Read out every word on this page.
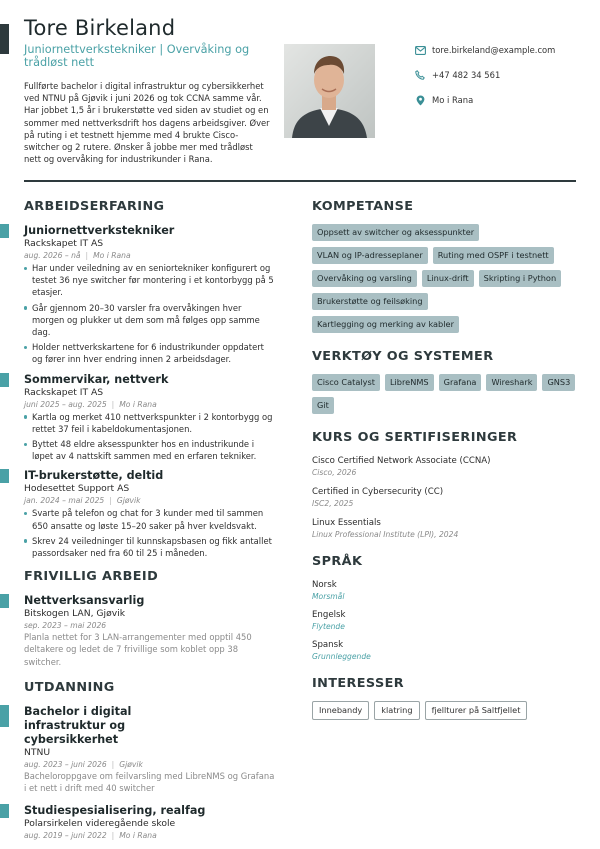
Tore Birkeland
Juniornettverkstekniker | Overvåking og trådløst nett

Fullførte bachelor i digital infrastruktur og cybersikkerhet ved NTNU på Gjøvik i juni 2026 og tok CCNA samme vår. Har jobbet 1,5 år i brukerstøtte ved siden av studiet og en sommer med nettverksdrift hos dagens arbeidsgiver. Øver på ruting i et testnett hjemme med 4 brukte Cisco-switcher og 2 rutere. Ønsker å jobbe mer med trådløst nett og overvåking for industrikunder i Rana.

tore.birkeland@example.com
+47 482 34 561
Mo i Rana
ARBEIDSERFARING
Juniornettverkstekniker
Rackskapet IT AS
aug. 2026 – nå | Mo i Rana
Har under veiledning av en seniortekniker konfigurert og testet 36 nye switcher før montering i et kontorbygg på 5 etasjer.
Går gjennom 20–30 varsler fra overvåkingen hver morgen og plukker ut dem som må følges opp samme dag.
Holder nettverkskartene for 6 industrikunder oppdatert og fører inn hver endring innen 2 arbeidsdager.
Sommervikar, nettverk
Rackskapet IT AS
juni 2025 – aug. 2025 | Mo i Rana
Kartla og merket 410 nettverkspunkter i 2 kontorbygg og rettet 37 feil i kabeldokumentasjonen.
Byttet 48 eldre aksesspunkter hos en industrikunde i løpet av 4 nattskift sammen med en erfaren tekniker.
IT-brukerstøtte, deltid
Hodesettet Support AS
jan. 2024 – mai 2025 | Gjøvik
Svarte på telefon og chat for 3 kunder med til sammen 650 ansatte og løste 15–20 saker på hver kveldsvakt.
Skrev 24 veiledninger til kunnskapsbasen og fikk antallet passordsaker ned fra 60 til 25 i måneden.
FRIVILLIG ARBEID
Nettverksansvarlig
Bitskogen LAN, Gjøvik
sep. 2023 – mai 2026
Planla nettet for 3 LAN-arrangementer med opptil 450 deltakere og ledet de 7 frivillige som koblet opp 38 switcher.
UTDANNING
Bachelor i digital infrastruktur og cybersikkerhet
NTNU
aug. 2023 – juni 2026 | Gjøvik
Bacheloroppgave om feilvarsling med LibreNMS og Grafana i et nett i drift med 40 switcher
Studiespesialisering, realfag
Polarsirkelen videregående skole
aug. 2019 – juni 2022 | Mo i Rana
KOMPETANSE
Oppsett av switcher og aksesspunkter
VLAN og IP-adresseplaner	Ruting med OSPF i testnett
Overvåking og varsling	Linux-drift	Skripting i Python
Brukerstøtte og feilsøking
Kartlegging og merking av kabler
VERKTØY OG SYSTEMER
Cisco Catalyst	LibreNMS	Grafana	Wireshark	GNS3
Git
KURS OG SERTIFISERINGER
Cisco Certified Network Associate (CCNA)
Cisco, 2026
Certified in Cybersecurity (CC)
ISC2, 2025
Linux Essentials
Linux Professional Institute (LPI), 2024
SPRÅK
Norsk
Morsmål
Engelsk
Flytende
Spansk
Grunnleggende
INTERESSER
Innebandy	klatring	fjellturer på Saltfjellet
